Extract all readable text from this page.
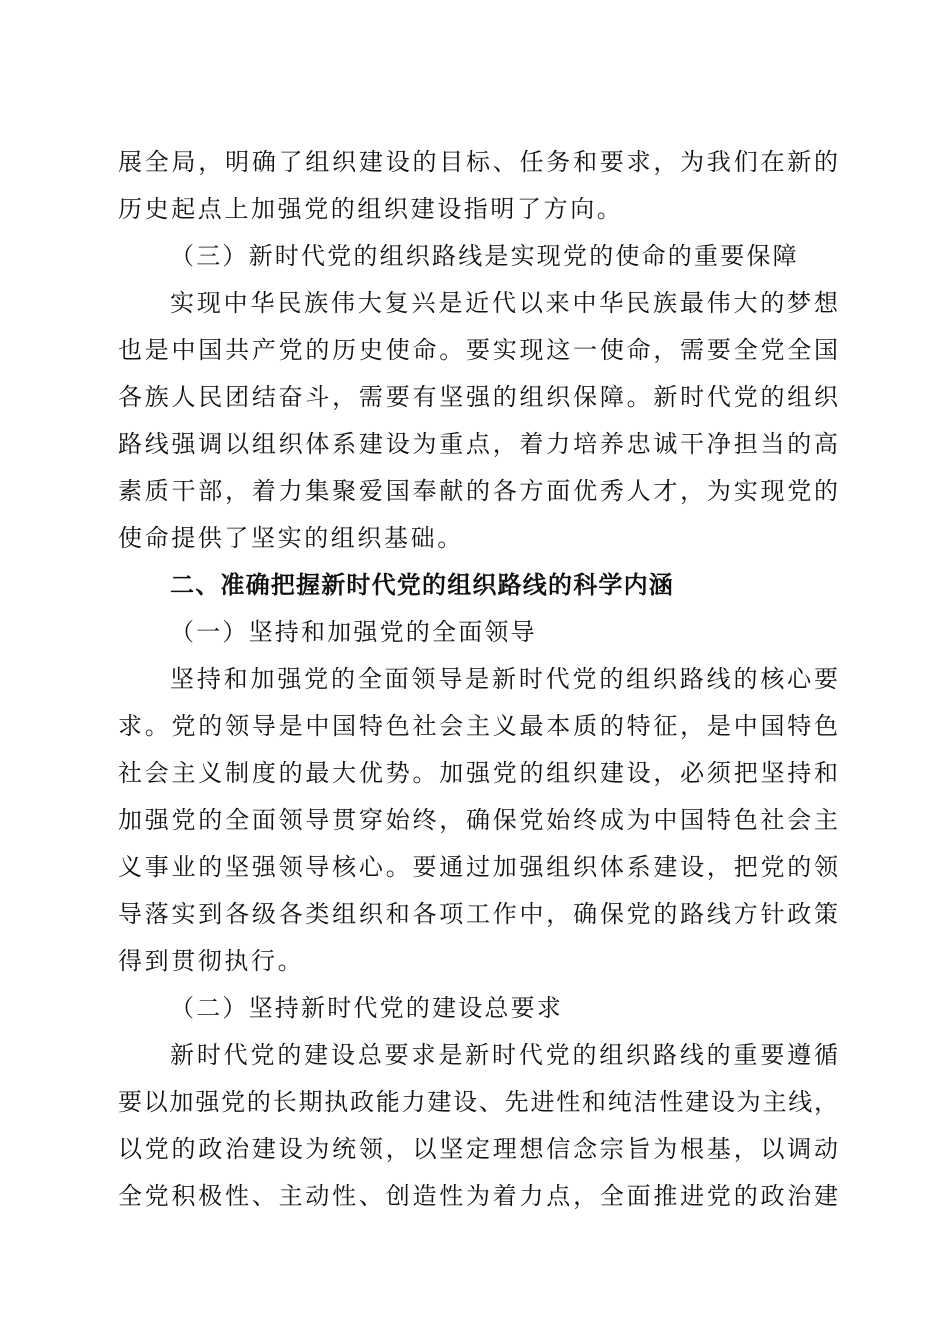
展全局，明确了组织建设的目标、任务和要求，为我们在新的
历史起点上加强党的组织建设指明了方向。
（三）新时代党的组织路线是实现党的使命的重要保障
实现中华民族伟大复兴是近代以来中华民族最伟大的梦想
也是中国共产党的历史使命。要实现这一使命，需要全党全国
各族人民团结奋斗，需要有坚强的组织保障。新时代党的组织
路线强调以组织体系建设为重点，着力培养忠诚干净担当的高
素质干部，着力集聚爱国奉献的各方面优秀人才，为实现党的
使命提供了坚实的组织基础。
二、准确把握新时代党的组织路线的科学内涵
（一）坚持和加强党的全面领导
坚持和加强党的全面领导是新时代党的组织路线的核心要
求。党的领导是中国特色社会主义最本质的特征，是中国特色
社会主义制度的最大优势。加强党的组织建设，必须把坚持和
加强党的全面领导贯穿始终，确保党始终成为中国特色社会主
义事业的坚强领导核心。要通过加强组织体系建设，把党的领
导落实到各级各类组织和各项工作中，确保党的路线方针政策
得到贯彻执行。
（二）坚持新时代党的建设总要求
新时代党的建设总要求是新时代党的组织路线的重要遵循
要以加强党的长期执政能力建设、先进性和纯洁性建设为主线，
以党的政治建设为统领，以坚定理想信念宗旨为根基，以调动
全党积极性、主动性、创造性为着力点，全面推进党的政治建
